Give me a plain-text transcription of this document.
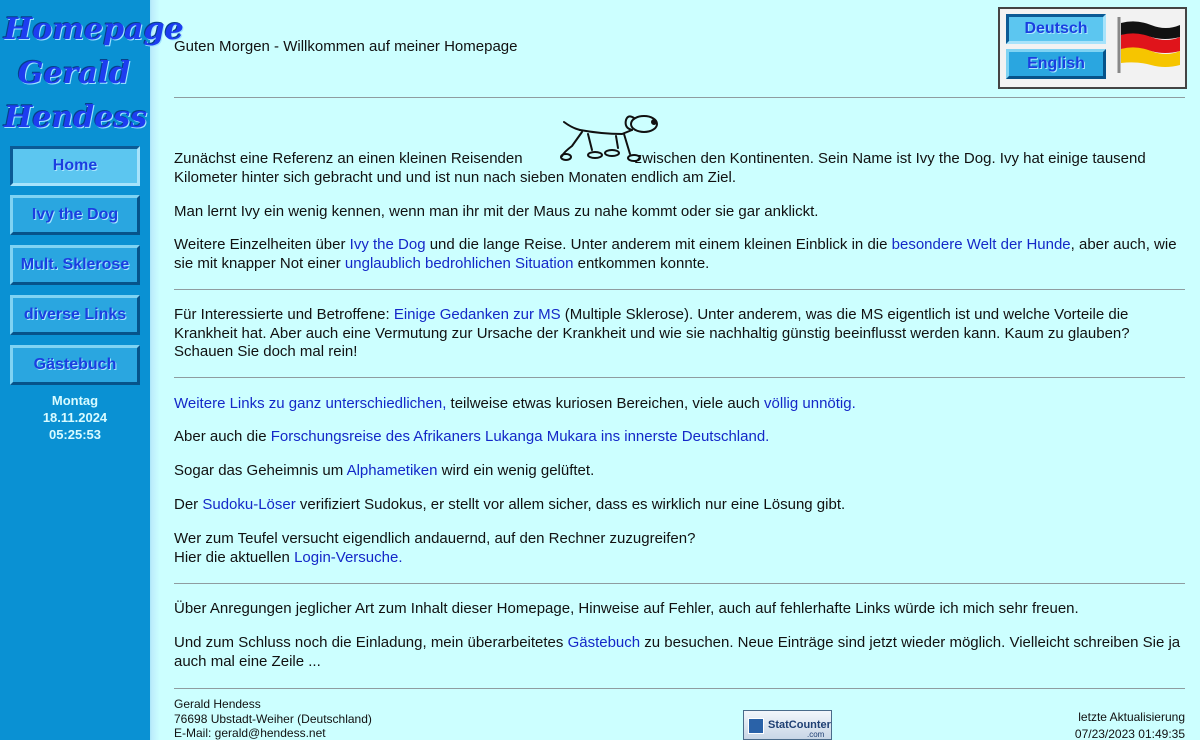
Homepage
Gerald
Hendess
Home
Ivy the Dog
Mult. Sklerose
diverse Links
Gästebuch
Montag
18.11.2024
05:25:53
Guten Morgen - Willkommen auf meiner Homepage
Deutsch
English

Zunächst eine Referenz an einen kleinen Reisenden	zwischen den Kontinenten. Sein Name ist Ivy the Dog. Ivy hat einige tausend Kilometer hinter sich gebracht und und ist nun nach sieben Monaten endlich am Ziel.

Man lernt Ivy ein wenig kennen, wenn man ihr mit der Maus zu nahe kommt oder sie gar anklickt.

Weitere Einzelheiten über Ivy the Dog und die lange Reise. Unter anderem mit einem kleinen Einblick in die besondere Welt der Hunde, aber auch, wie sie mit knapper Not einer unglaublich bedrohlichen Situation entkommen konnte.

Für Interessierte und Betroffene: Einige Gedanken zur MS (Multiple Sklerose). Unter anderem, was die MS eigentlich ist und welche Vorteile die Krankheit hat. Aber auch eine Vermutung zur Ursache der Krankheit und wie sie nachhaltig günstig beeinflusst werden kann. Kaum zu glauben? Schauen Sie doch mal rein!

Weitere Links zu ganz unterschiedlichen, teilweise etwas kuriosen Bereichen, viele auch völlig unnötig.

Aber auch die Forschungsreise des Afrikaners Lukanga Mukara ins innerste Deutschland.

Sogar das Geheimnis um Alphametiken wird ein wenig gelüftet.

Der Sudoku-Löser verifiziert Sudokus, er stellt vor allem sicher, dass es wirklich nur eine Lösung gibt.

Wer zum Teufel versucht eigendlich andauernd, auf den Rechner zuzugreifen?
Hier die aktuellen Login-Versuche.

Über Anregungen jeglicher Art zum Inhalt dieser Homepage, Hinweise auf Fehler, auch auf fehlerhafte Links würde ich mich sehr freuen.

Und zum Schluss noch die Einladung, mein überarbeitetes Gästebuch zu besuchen. Neue Einträge sind jetzt wieder möglich. Vielleicht schreiben Sie ja auch mal eine Zeile ...

Gerald Hendess
76698 Ubstadt-Weiher (Deutschland)
E-Mail: gerald@hendess.net
StatCounter
.com
letzte Aktualisierung
07/23/2023 01:49:35
